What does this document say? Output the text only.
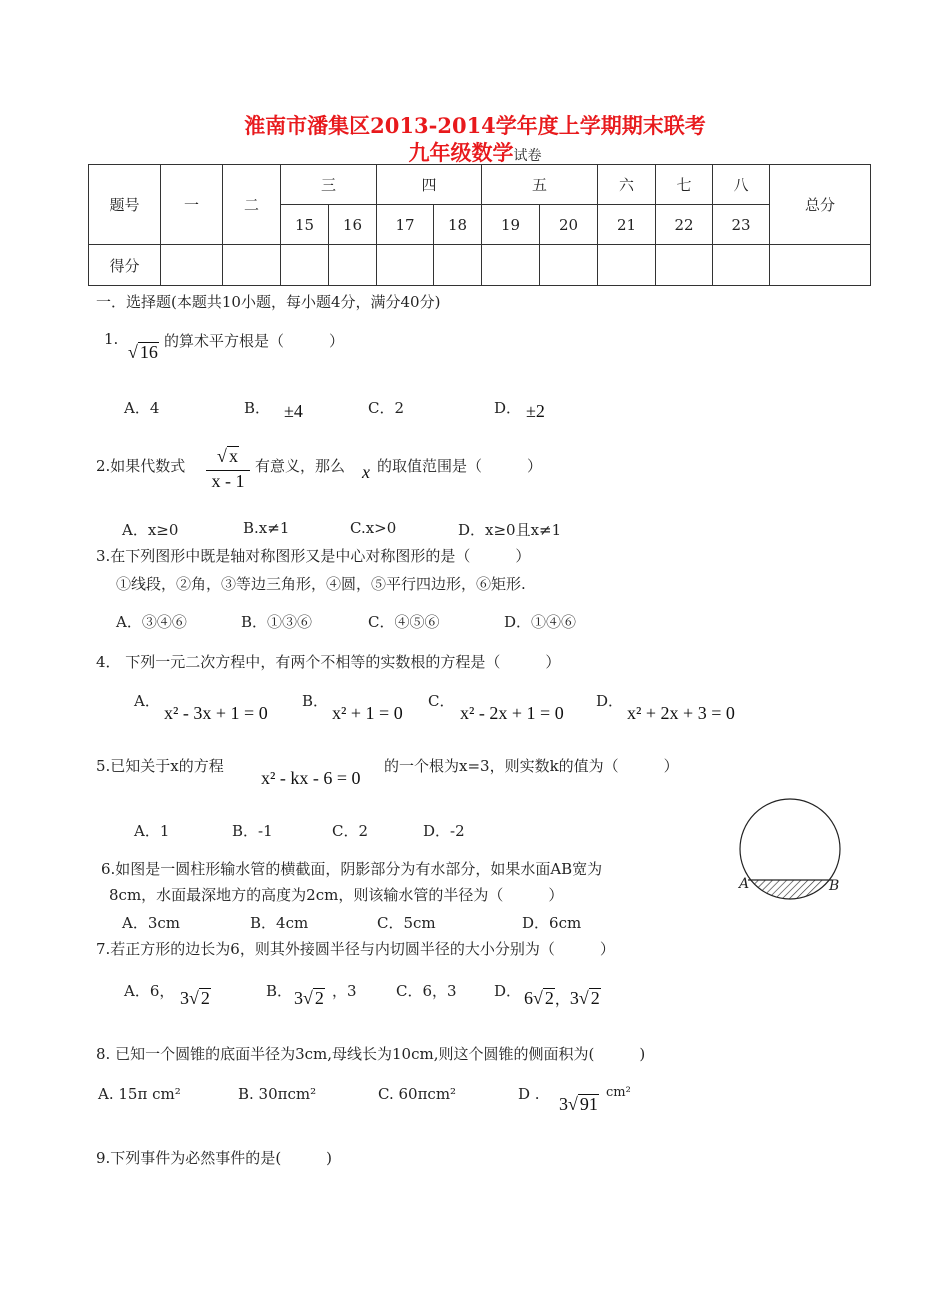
淮南市潘集区2013-2014学年度上学期期末联考
九年级数学试卷
题号	一	二	三		四		五		六	七	八	总分
			15	16	17	18	19	20	21	22	23	
得分												
一．选择题(本题共10小题，每小题4分，满分40分)
1.
√ 16
的算术平方根是（　　　）
A．4	B． ±4	C．2	D． ±2
2.如果代数式 $\frac{√ x}{x - 1}$ 有意义，那么 x 的取值范围是（　　　）
A．x≥0	B.x≠1	C.x>0	D．x≥0且x≠1
3.在下列图形中既是轴对称图形又是中心对称图形的是（　　　）
①线段，②角，③等边三角形，④圆，⑤平行四边形，⑥矩形.
A．③④⑥	B．①③⑥	C．④⑤⑥	D．①④⑥
4． 下列一元二次方程中，有两个不相等的实数根的方程是（　　　）
A．
x² - 3x + 1 = 0
B．
x² + 1 = 0
C．
x² - 2x + 1 = 0
D．
x² + 2x + 3 = 0
5.已知关于x的方程
x² - kx - 6 = 0
的一个根为x=3，则实数k的值为（　　　）
A．1	B．-1	C．2	D．-2
A	B
6.如图是一圆柱形输水管的横截面，阴影部分为有水部分，如果水面AB宽为
8cm，水面最深地方的高度为2cm，则该输水管的半径为（　　　）
A．3cm	B．4cm	C．5cm	D．6cm
7.若正方形的边长为6，则其外接圆半径与内切圆半径的大小分别为（　　　）
A．6， 3√ 2	B． 3√ 2 ，3	C．6，3 D． 6√ 2，3√ 2
8. 已知一个圆锥的底面半径为3cm,母线长为10cm,则这个圆锥的侧面积为(　　　)
A. 15π cm²	B. 30πcm²	C. 60πcm²	D . 3√ 91
cm²
9.下列事件为必然事件的是(　　　)
